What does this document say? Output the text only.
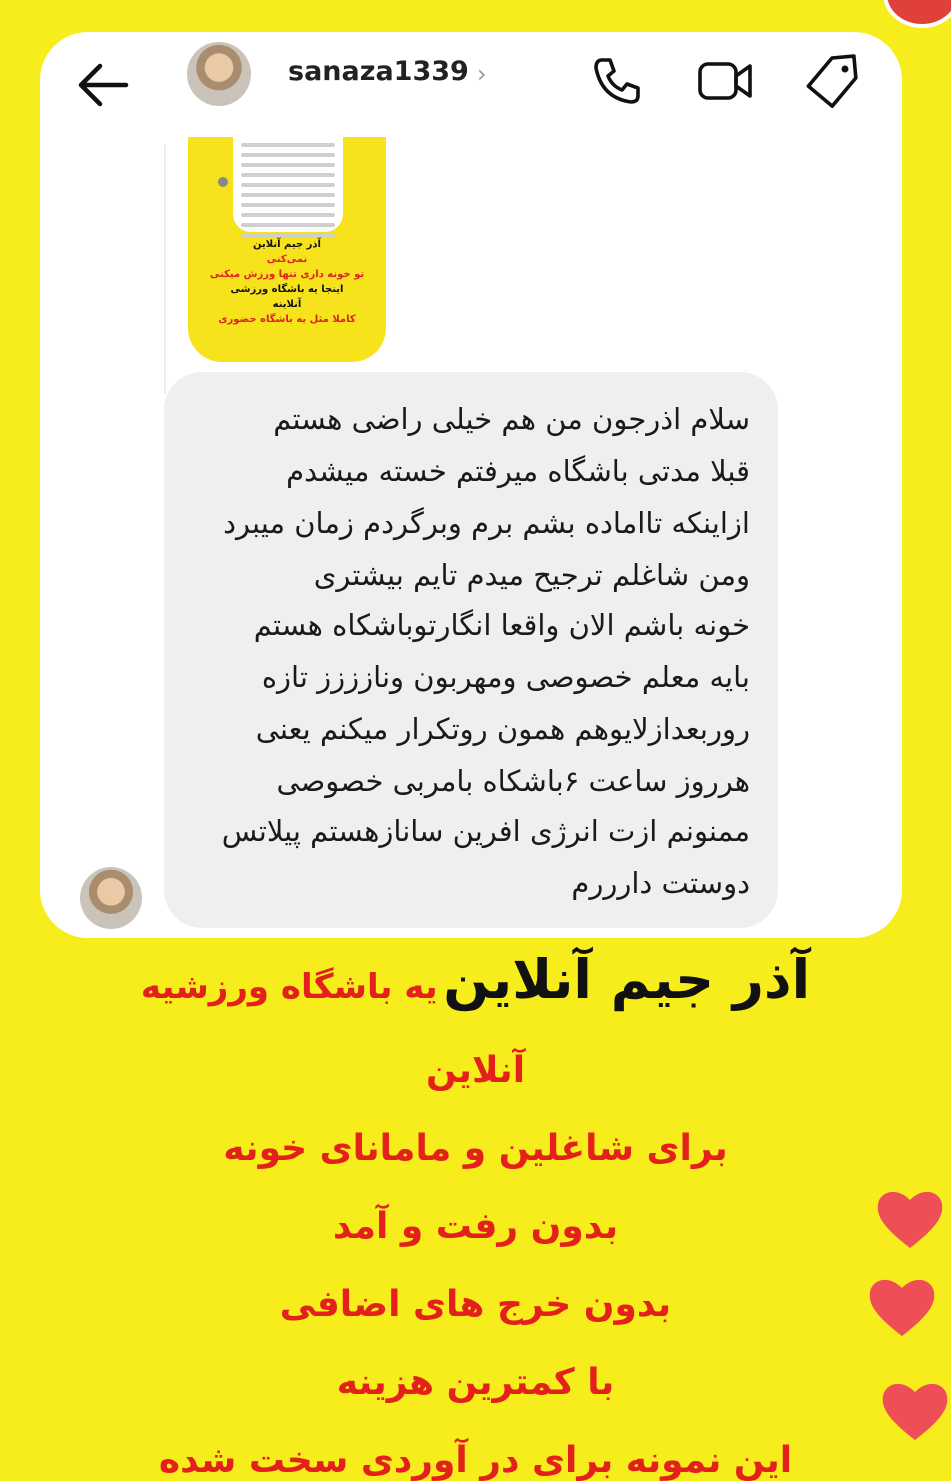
sanaza1339 ›
آذر جیم آنلاین
نمی‌کنی
تو خونه داری تنها ورزش میکنی
اینجا یه باشگاه ورزشی
آنلاینه
کاملا مثل یه باشگاه حضوری
سلام اذرجون من هم خیلی راضی هستم
قبلا مدتی باشگاه میرفتم خسته میشدم
ازاینکه تااماده بشم برم وبرگردم زمان میبرد
ومن شاغلم ترجیح میدم تایم بیشتری
خونه باشم الان واقعا انگارتوباشکاه هستم
بایه معلم خصوصی ومهربون ونازززز تازه
روربعدازلایوهم همون روتکرار میکنم یعنی
هرروز ساعت ۶باشکاه بامربی خصوصی
ممنونم ازت انرژی افرین سانازهستم پیلاتس
دوستت دارررم
آذر جیم آنلاین یه باشگاه ورزشیه
آنلاین
برای شاغلین و مامانای خونه
بدون رفت و آمد
بدون خرج های اضافی
با کمترین هزینه
این نمونه برای در آوردی سخت شده
